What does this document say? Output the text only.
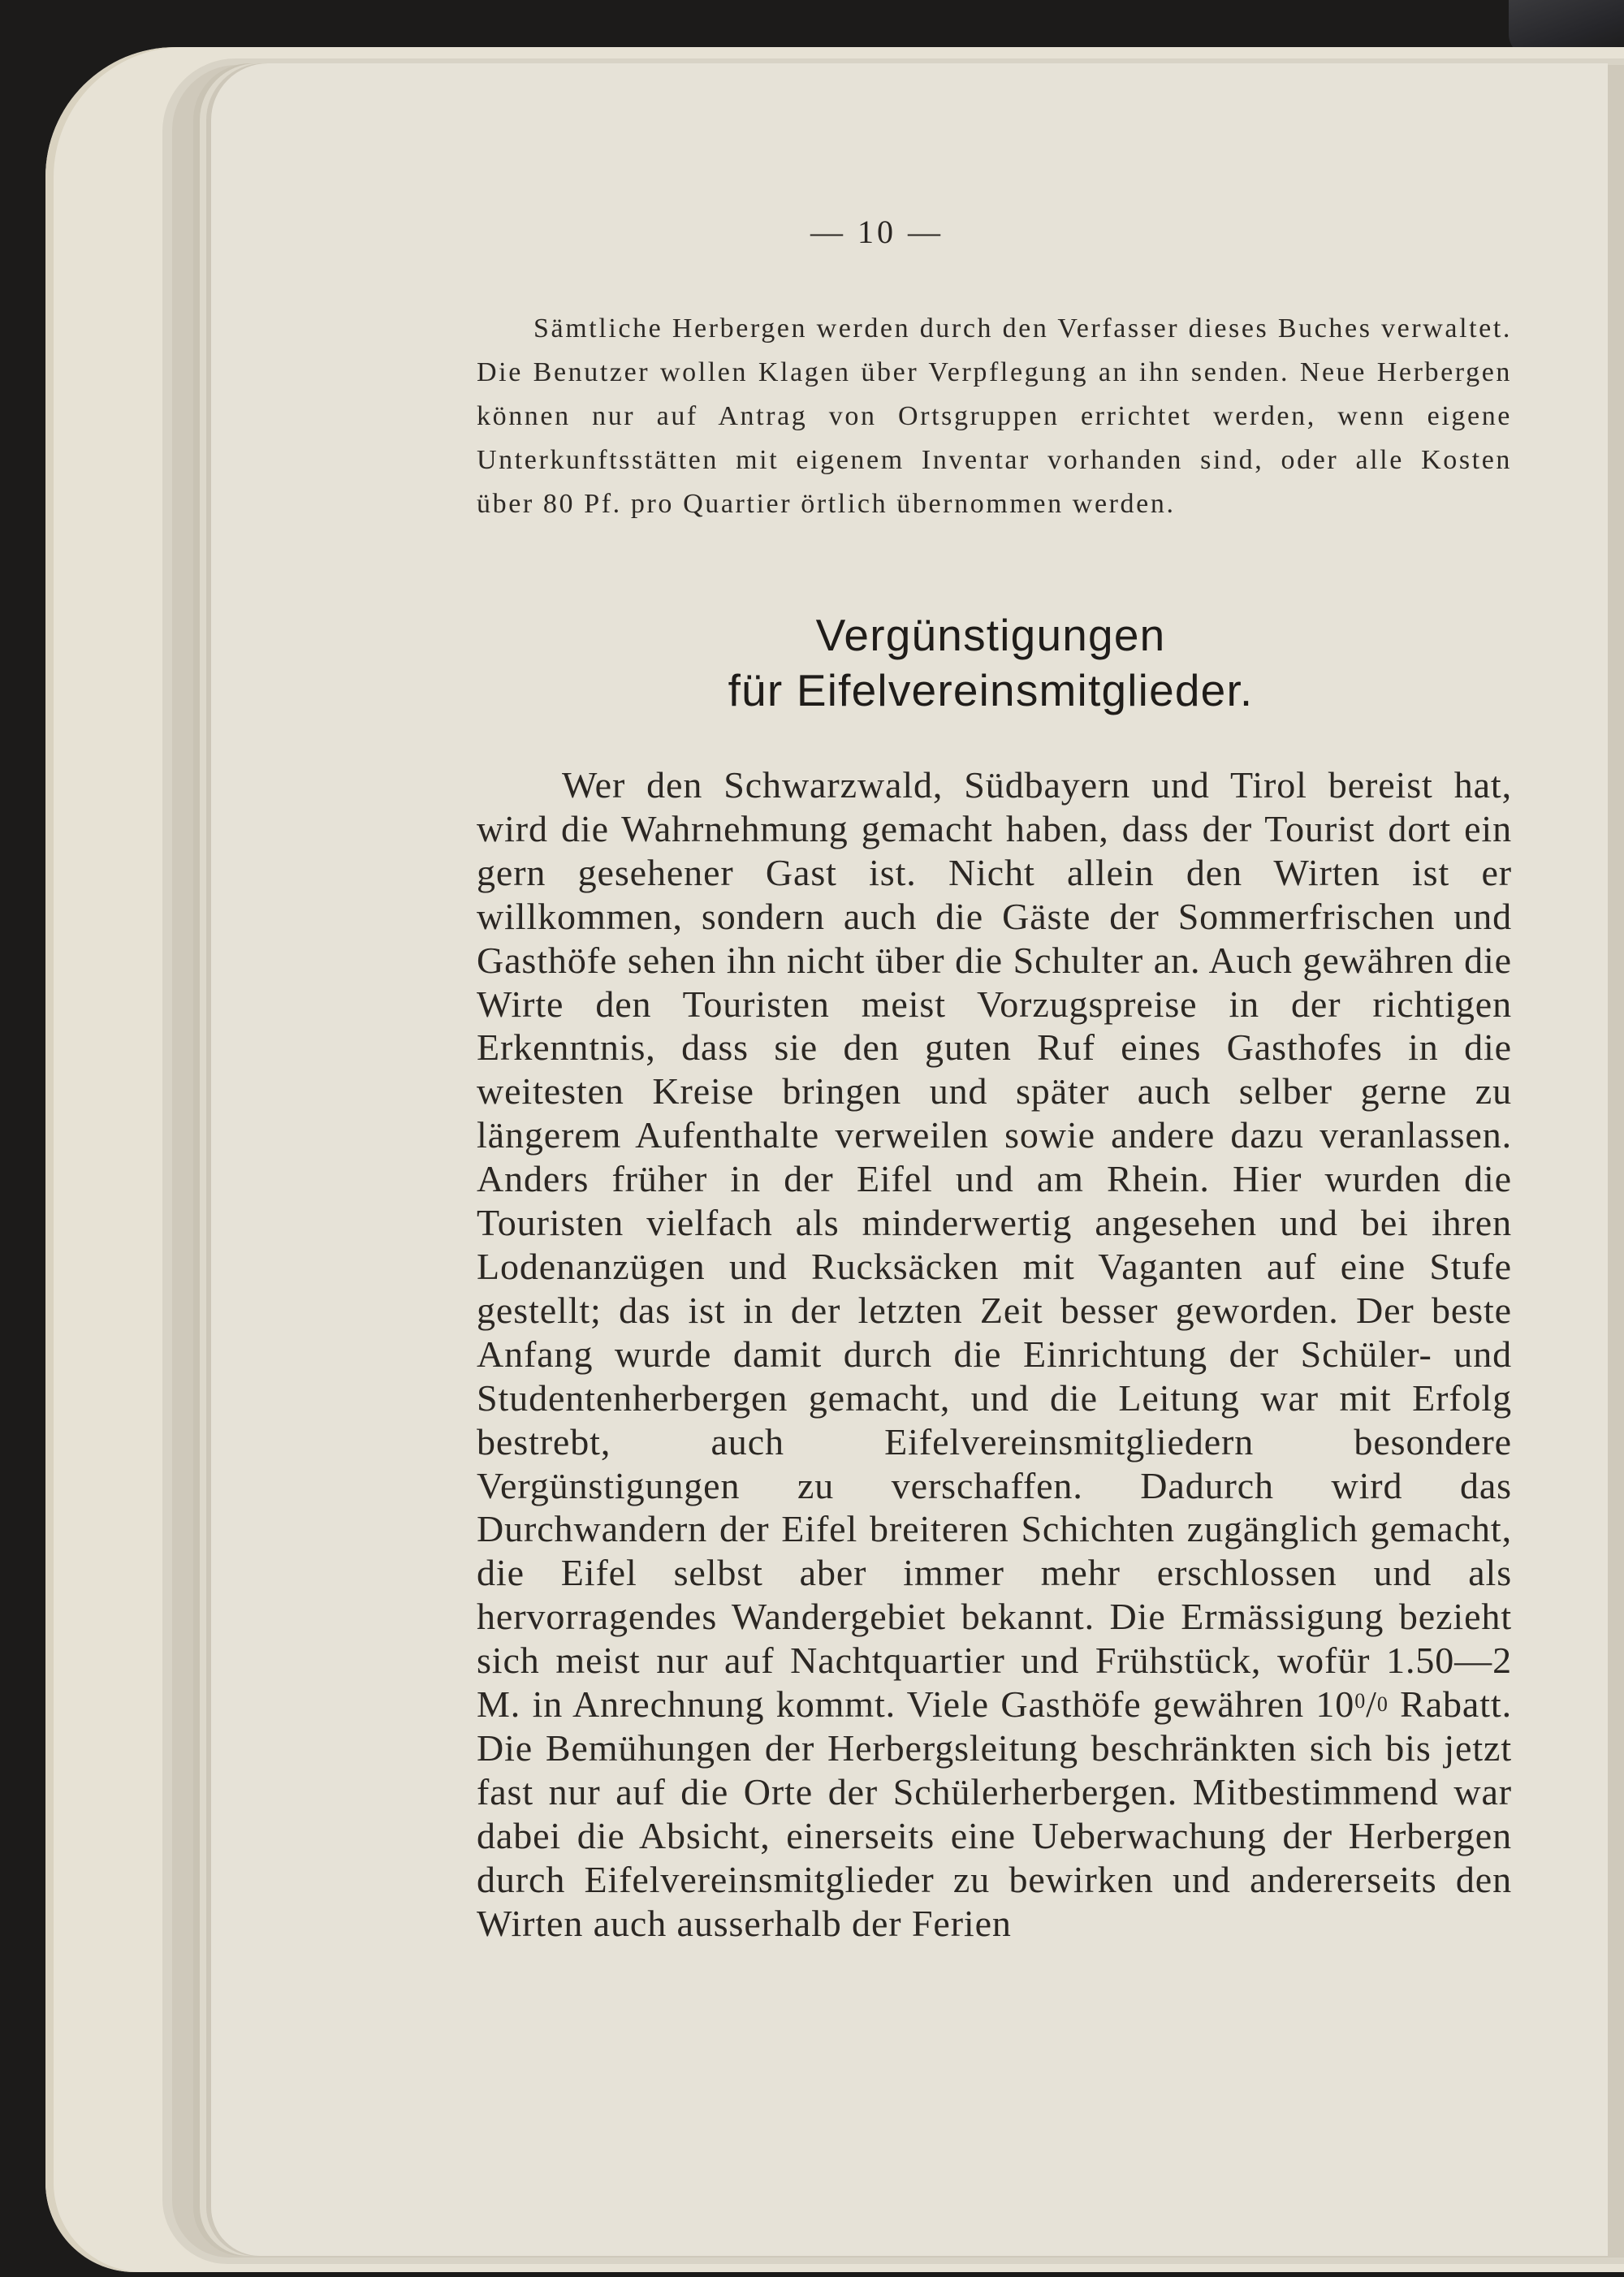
— 10 —

Sämtliche Herbergen werden durch den Verfasser dieses Buches verwaltet. Die Benutzer wollen Klagen über Verpflegung an ihn senden. Neue Herbergen können nur auf Antrag von Ortsgruppen errichtet werden, wenn eigene Unterkunftsstätten mit eigenem Inventar vorhanden sind, oder alle Kosten über 80 Pf. pro Quartier örtlich übernommen werden.

Vergünstigungen
für Eifelvereinsmitglieder.

Wer den Schwarzwald, Südbayern und Tirol bereist hat, wird die Wahrnehmung gemacht haben, dass der Tourist dort ein gern gesehener Gast ist. Nicht allein den Wirten ist er willkommen, sondern auch die Gäste der Sommerfrischen und Gasthöfe sehen ihn nicht über die Schulter an. Auch gewähren die Wirte den Touristen meist Vorzugspreise in der richtigen Erkenntnis, dass sie den guten Ruf eines Gasthofes in die weitesten Kreise bringen und später auch selber gerne zu längerem Aufenthalte verweilen sowie andere dazu veranlassen. Anders früher in der Eifel und am Rhein. Hier wurden die Touristen vielfach als minderwertig angesehen und bei ihren Lodenanzügen und Rucksäcken mit Vaganten auf eine Stufe gestellt; das ist in der letzten Zeit besser geworden. Der beste Anfang wurde damit durch die Einrichtung der Schüler- und Studentenherbergen gemacht, und die Leitung war mit Erfolg bestrebt, auch Eifelvereinsmitgliedern besondere Vergünstigungen zu verschaffen. Dadurch wird das Durchwandern der Eifel breiteren Schichten zugänglich gemacht, die Eifel selbst aber immer mehr erschlossen und als hervorragendes Wandergebiet bekannt. Die Ermässigung bezieht sich meist nur auf Nachtquartier und Frühstück, wofür 1.50—2 M. in Anrechnung kommt. Viele Gasthöfe gewähren $10^0/0$ Rabatt. Die Bemühungen der Herbergsleitung beschränkten sich bis jetzt fast nur auf die Orte der Schülerherbergen. Mitbestimmend war dabei die Absicht, einerseits eine Ueberwachung der Herbergen durch Eifelvereinsmitglieder zu bewirken und andererseits den Wirten auch ausserhalb der Ferien
